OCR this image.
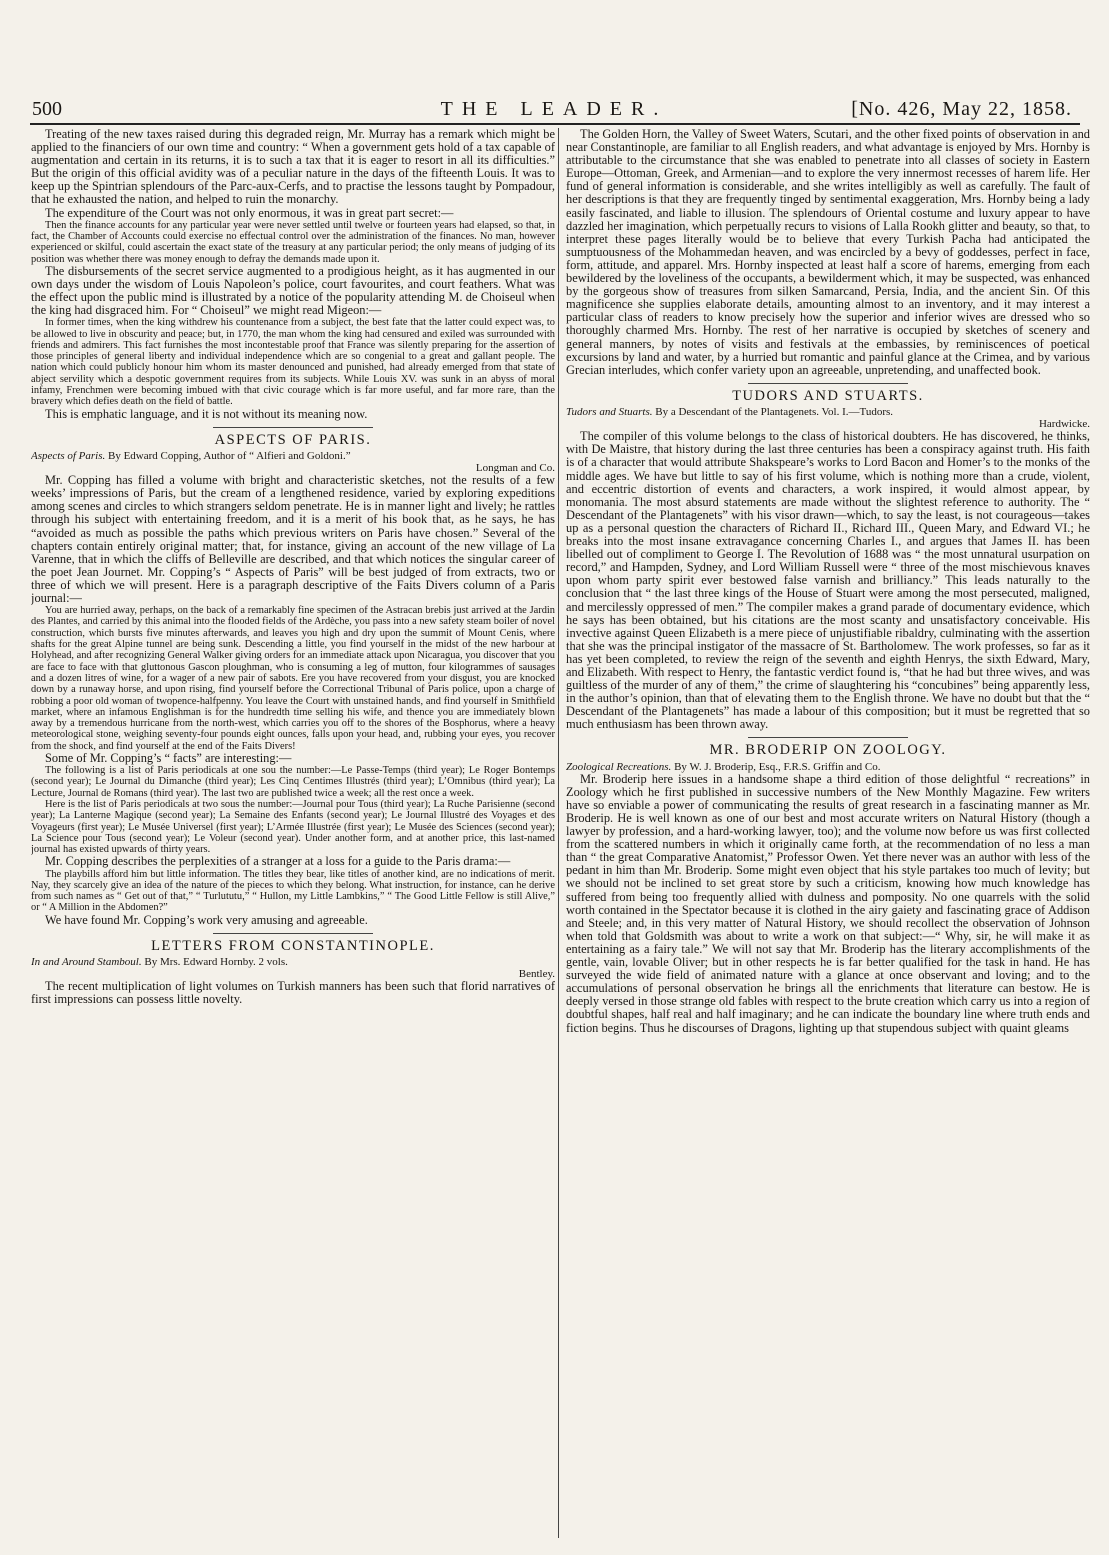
500	THE LEADER.	[No. 426, May 22, 1858.

Treating of the new taxes raised during this degraded reign, Mr. Murray has a remark which might be applied to the financiers of our own time and country: “ When a government gets hold of a tax capable of augmentation and certain in its returns, it is to such a tax that it is eager to resort in all its difficulties.” But the origin of this official avidity was of a peculiar nature in the days of the fifteenth Louis. It was to keep up the Spintrian splendours of the Parc-aux-Cerfs, and to practise the lessons taught by Pompadour, that he exhausted the nation, and helped to ruin the monarchy.

The expenditure of the Court was not only enormous, it was in great part secret:—

Then the finance accounts for any particular year were never settled until twelve or fourteen years had elapsed, so that, in fact, the Chamber of Accounts could exercise no effectual control over the administration of the finances. No man, however experienced or skilful, could ascertain the exact state of the treasury at any particular period; the only means of judging of its position was whether there was money enough to defray the demands made upon it.

The disbursements of the secret service augmented to a prodigious height, as it has augmented in our own days under the wisdom of Louis Napoleon’s police, court favourites, and court feathers. What was the effect upon the public mind is illustrated by a notice of the popularity attending M. de Choiseul when the king had disgraced him. For “ Choiseul” we might read Migeon:—

In former times, when the king withdrew his countenance from a subject, the best fate that the latter could expect was, to be allowed to live in obscurity and peace; but, in 1770, the man whom the king had censured and exiled was surrounded with friends and admirers. This fact furnishes the most incontestable proof that France was silently preparing for the assertion of those principles of general liberty and individual independence which are so congenial to a great and gallant people. The nation which could publicly honour him whom its master denounced and punished, had already emerged from that state of abject servility which a despotic government requires from its subjects. While Louis XV. was sunk in an abyss of moral infamy, Frenchmen were becoming imbued with that civic courage which is far more useful, and far more rare, than the bravery which defies death on the field of battle.

This is emphatic language, and it is not without its meaning now.

ASPECTS OF PARIS.
Aspects of Paris. By Edward Copping, Author of “ Alfieri and Goldoni.”
Longman and Co.

Mr. Copping has filled a volume with bright and characteristic sketches, not the results of a few weeks’ impressions of Paris, but the cream of a lengthened residence, varied by exploring expeditions among scenes and circles to which strangers seldom penetrate. He is in manner light and lively; he rattles through his subject with entertaining freedom, and it is a merit of his book that, as he says, he has “avoided as much as possible the paths which previous writers on Paris have chosen.” Several of the chapters contain entirely original matter; that, for instance, giving an account of the new village of La Varenne, that in which the cliffs of Belleville are described, and that which notices the singular career of the poet Jean Journet. Mr. Copping’s “ Aspects of Paris” will be best judged of from extracts, two or three of which we will present. Here is a paragraph descriptive of the Faits Divers column of a Paris journal:—

You are hurried away, perhaps, on the back of a remarkably fine specimen of the Astracan brebis just arrived at the Jardin des Plantes, and carried by this animal into the flooded fields of the Ardèche, you pass into a new safety steam boiler of novel construction, which bursts five minutes afterwards, and leaves you high and dry upon the summit of Mount Cenis, where shafts for the great Alpine tunnel are being sunk. Descending a little, you find yourself in the midst of the new harbour at Holyhead, and after recognizing General Walker giving orders for an immediate attack upon Nicaragua, you discover that you are face to face with that gluttonous Gascon ploughman, who is consuming a leg of mutton, four kilogrammes of sausages and a dozen litres of wine, for a wager of a new pair of sabots. Ere you have recovered from your disgust, you are knocked down by a runaway horse, and upon rising, find yourself before the Correctional Tribunal of Paris police, upon a charge of robbing a poor old woman of twopence-halfpenny. You leave the Court with unstained hands, and find yourself in Smithfield market, where an infamous Englishman is for the hundredth time selling his wife, and thence you are immediately blown away by a tremendous hurricane from the north-west, which carries you off to the shores of the Bosphorus, where a heavy meteorological stone, weighing seventy-four pounds eight ounces, falls upon your head, and, rubbing your eyes, you recover from the shock, and find yourself at the end of the Faits Divers!

Some of Mr. Copping’s “ facts” are interesting:—

The following is a list of Paris periodicals at one sou the number:—Le Passe-Temps (third year); Le Roger Bontemps (second year); Le Journal du Dimanche (third year); Les Cinq Centimes Illustrés (third year); L’Omnibus (third year); La Lecture, Journal de Romans (third year). The last two are published twice a week; all the rest once a week.

Here is the list of Paris periodicals at two sous the number:—Journal pour Tous (third year); La Ruche Parisienne (second year); La Lanterne Magique (second year); La Semaine des Enfants (second year); Le Journal Illustré des Voyages et des Voyageurs (first year); Le Musée Universel (first year); L’Armée Illustrée (first year); Le Musée des Sciences (second year); La Science pour Tous (second year); Le Voleur (second year). Under another form, and at another price, this last-named journal has existed upwards of thirty years.

Mr. Copping describes the perplexities of a stranger at a loss for a guide to the Paris drama:—

The playbills afford him but little information. The titles they bear, like titles of another kind, are no indications of merit. Nay, they scarcely give an idea of the nature of the pieces to which they belong. What instruction, for instance, can he derive from such names as “ Get out of that,” “ Turlututu,” “ Hullon, my Little Lambkins,” “ The Good Little Fellow is still Alive,” or “ A Million in the Abdomen?”

We have found Mr. Copping’s work very amusing and agreeable.

LETTERS FROM CONSTANTINOPLE.
In and Around Stamboul. By Mrs. Edward Hornby. 2 vols.
Bentley.

The recent multiplication of light volumes on Turkish manners has been such that florid narratives of first impressions can possess little novelty.

The Golden Horn, the Valley of Sweet Waters, Scutari, and the other fixed points of observation in and near Constantinople, are familiar to all English readers, and what advantage is enjoyed by Mrs. Hornby is attributable to the circumstance that she was enabled to penetrate into all classes of society in Eastern Europe—Ottoman, Greek, and Armenian—and to explore the very innermost recesses of harem life. Her fund of general information is considerable, and she writes intelligibly as well as carefully. The fault of her descriptions is that they are frequently tinged by sentimental exaggeration, Mrs. Hornby being a lady easily fascinated, and liable to illusion. The splendours of Oriental costume and luxury appear to have dazzled her imagination, which perpetually recurs to visions of Lalla Rookh glitter and beauty, so that, to interpret these pages literally would be to believe that every Turkish Pacha had anticipated the sumptuousness of the Mohammedan heaven, and was encircled by a bevy of goddesses, perfect in face, form, attitude, and apparel. Mrs. Hornby inspected at least half a score of harems, emerging from each bewildered by the loveliness of the occupants, a bewilderment which, it may be suspected, was enhanced by the gorgeous show of treasures from silken Samarcand, Persia, India, and the ancient Sin. Of this magnificence she supplies elaborate details, amounting almost to an inventory, and it may interest a particular class of readers to know precisely how the superior and inferior wives are dressed who so thoroughly charmed Mrs. Hornby. The rest of her narrative is occupied by sketches of scenery and general manners, by notes of visits and festivals at the embassies, by reminiscences of poetical excursions by land and water, by a hurried but romantic and painful glance at the Crimea, and by various Grecian interludes, which confer variety upon an agreeable, unpretending, and unaffected book.

TUDORS AND STUARTS.
Tudors and Stuarts. By a Descendant of the Plantagenets. Vol. I.—Tudors.
Hardwicke.

The compiler of this volume belongs to the class of historical doubters. He has discovered, he thinks, with De Maistre, that history during the last three centuries has been a conspiracy against truth. His faith is of a character that would attribute Shakspeare’s works to Lord Bacon and Homer’s to the monks of the middle ages. We have but little to say of his first volume, which is nothing more than a crude, violent, and eccentric distortion of events and characters, a work inspired, it would almost appear, by monomania. The most absurd statements are made without the slightest reference to authority. The “ Descendant of the Plantagenets” with his visor drawn—which, to say the least, is not courageous—takes up as a personal question the characters of Richard II., Richard III., Queen Mary, and Edward VI.; he breaks into the most insane extravagance concerning Charles I., and argues that James II. has been libelled out of compliment to George I. The Revolution of 1688 was “ the most unnatural usurpation on record,” and Hampden, Sydney, and Lord William Russell were “ three of the most mischievous knaves upon whom party spirit ever bestowed false varnish and brilliancy.” This leads naturally to the conclusion that “ the last three kings of the House of Stuart were among the most persecuted, maligned, and mercilessly oppressed of men.” The compiler makes a grand parade of documentary evidence, which he says has been obtained, but his citations are the most scanty and unsatisfactory conceivable. His invective against Queen Elizabeth is a mere piece of unjustifiable ribaldry, culminating with the assertion that she was the principal instigator of the massacre of St. Bartholomew. The work professes, so far as it has yet been completed, to review the reign of the seventh and eighth Henrys, the sixth Edward, Mary, and Elizabeth. With respect to Henry, the fantastic verdict found is, “that he had but three wives, and was guiltless of the murder of any of them,” the crime of slaughtering his “concubines” being apparently less, in the author’s opinion, than that of elevating them to the English throne. We have no doubt but that the “ Descendant of the Plantagenets” has made a labour of this composition; but it must be regretted that so much enthusiasm has been thrown away.

MR. BRODERIP ON ZOOLOGY.
Zoological Recreations. By W. J. Broderip, Esq., F.R.S. Griffin and Co.

Mr. Broderip here issues in a handsome shape a third edition of those delightful “ recreations” in Zoology which he first published in successive numbers of the New Monthly Magazine. Few writers have so enviable a power of communicating the results of great research in a fascinating manner as Mr. Broderip. He is well known as one of our best and most accurate writers on Natural History (though a lawyer by profession, and a hard-working lawyer, too); and the volume now before us was first collected from the scattered numbers in which it originally came forth, at the recommendation of no less a man than “ the great Comparative Anatomist,” Professor Owen. Yet there never was an author with less of the pedant in him than Mr. Broderip. Some might even object that his style partakes too much of levity; but we should not be inclined to set great store by such a criticism, knowing how much knowledge has suffered from being too frequently allied with dulness and pomposity. No one quarrels with the solid worth contained in the Spectator because it is clothed in the airy gaiety and fascinating grace of Addison and Steele; and, in this very matter of Natural History, we should recollect the observation of Johnson when told that Goldsmith was about to write a work on that subject:—“ Why, sir, he will make it as entertaining as a fairy tale.” We will not say that Mr. Broderip has the literary accomplishments of the gentle, vain, lovable Oliver; but in other respects he is far better qualified for the task in hand. He has surveyed the wide field of animated nature with a glance at once observant and loving; and to the accumulations of personal observation he brings all the enrichments that literature can bestow. He is deeply versed in those strange old fables with respect to the brute creation which carry us into a region of doubtful shapes, half real and half imaginary; and he can indicate the boundary line where truth ends and fiction begins. Thus he discourses of Dragons, lighting up that stupendous subject with quaint gleams
